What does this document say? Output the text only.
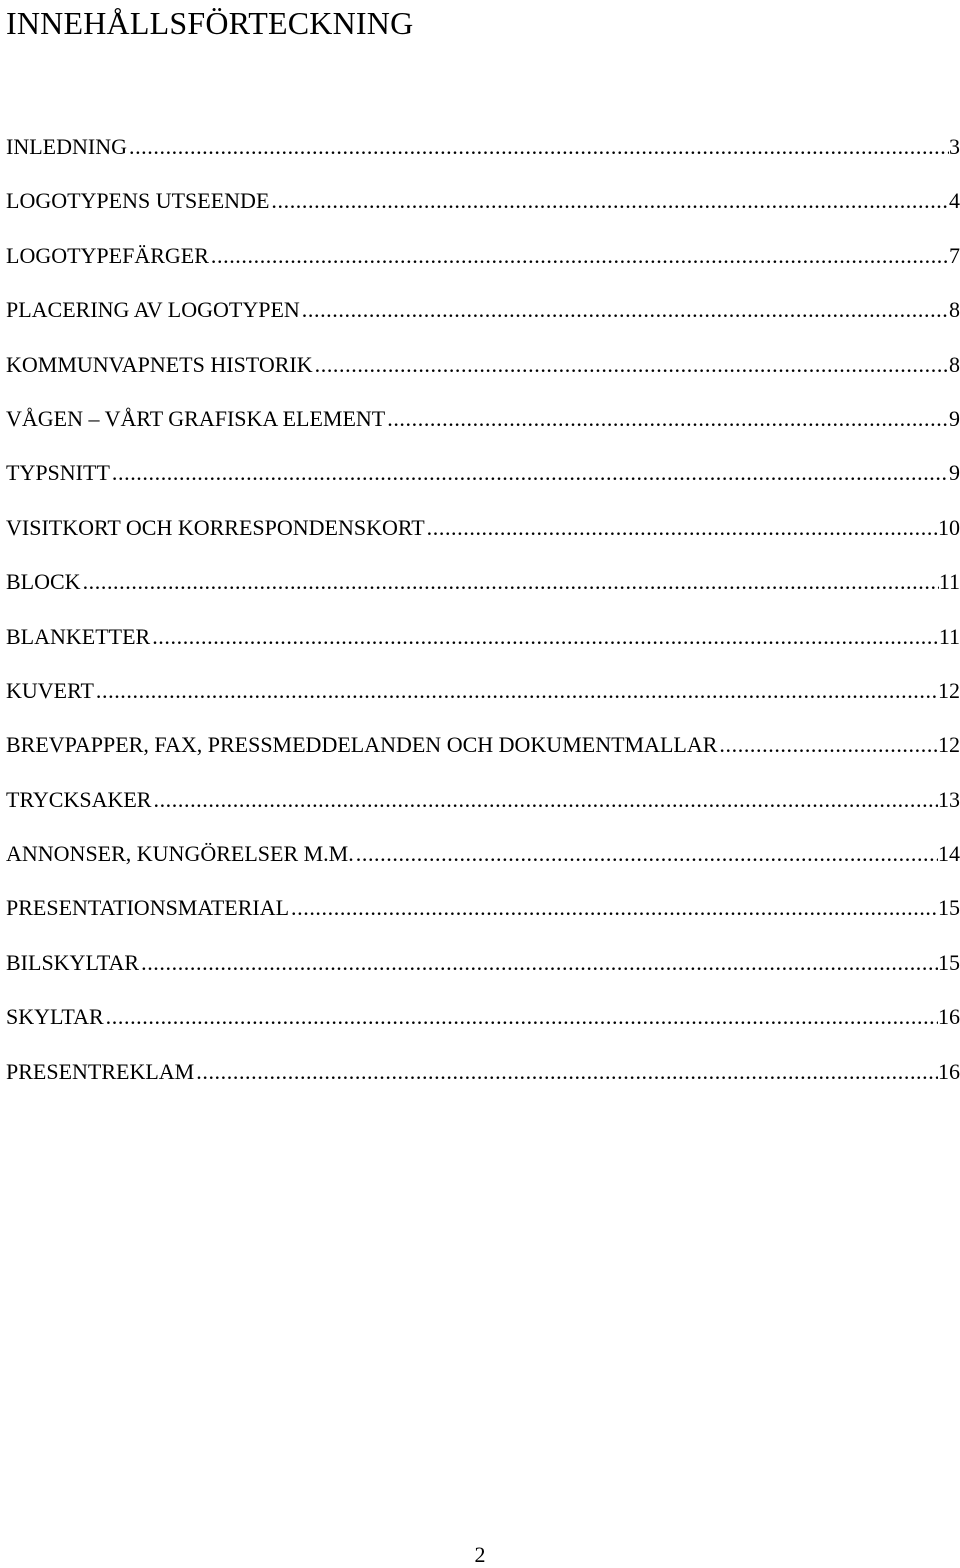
INNEHÅLLSFÖRTECKNING
INLEDNING .....	3
LOGOTYPENS UTSEENDE .....	4
LOGOTYPEFÄRGER .....	7
PLACERING AV LOGOTYPEN .....	8
KOMMUNVAPNETS HISTORIK .....	8
VÅGEN – VÅRT GRAFISKA ELEMENT .....	9
TYPSNITT .....	9
VISITKORT OCH KORRESPONDENSKORT .....	10
BLOCK .....	11
BLANKETTER .....	11
KUVERT .....	12
BREVPAPPER, FAX, PRESSMEDDELANDEN OCH DOKUMENTMALLAR .....	12
TRYCKSAKER .....	13
ANNONSER, KUNGÖRELSER M.M. .....	14
PRESENTATIONSMATERIAL .....	15
BILSKYLTAR .....	15
SKYLTAR .....	16
PRESENTREKLAM .....	16
2
